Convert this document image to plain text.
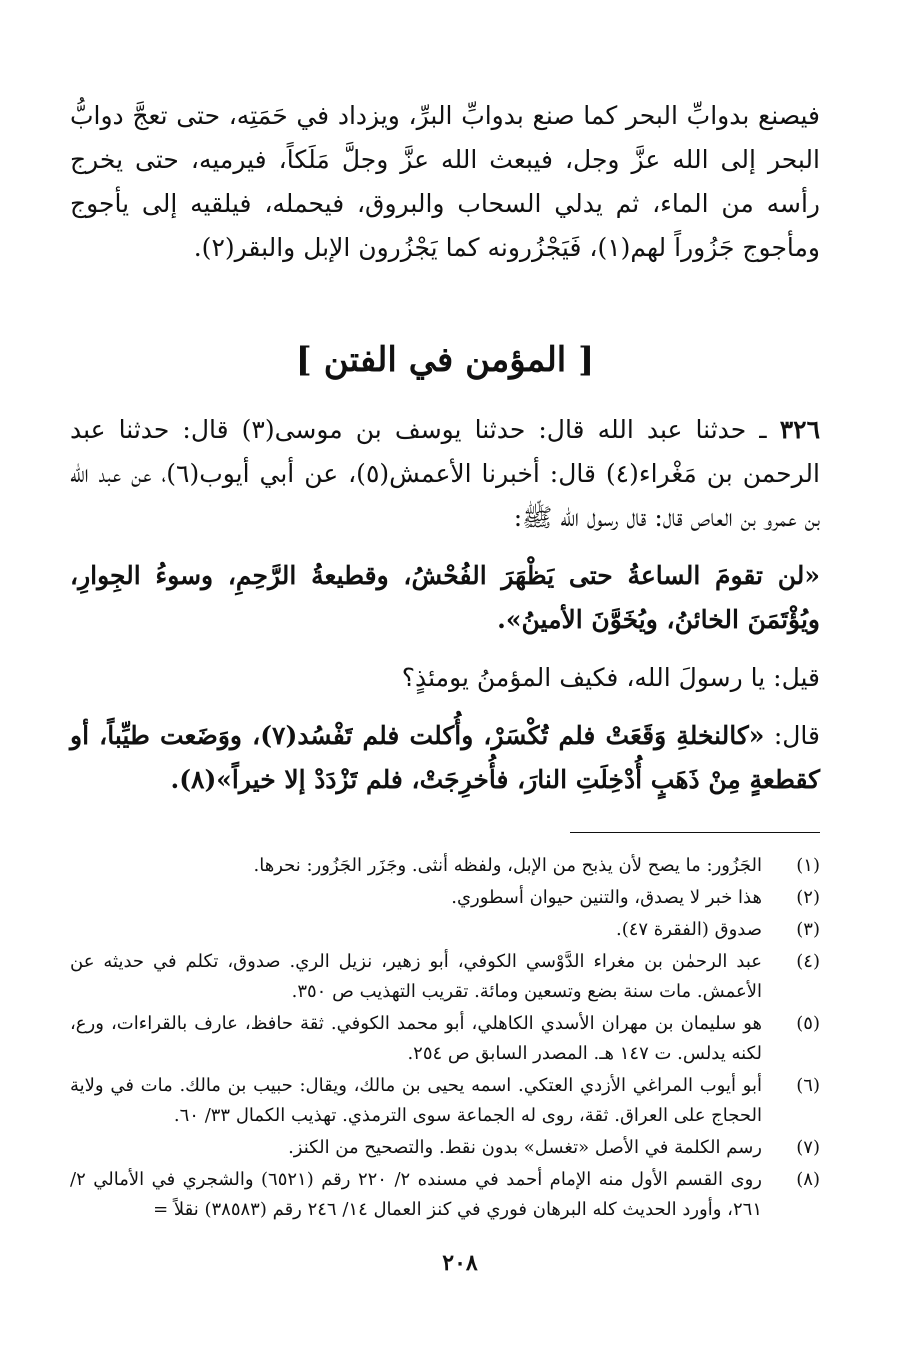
فيصنع بدوابِّ البحر كما صنع بدوابِّ البرِّ، ويزداد في حَمَتِه، حتى تعجَّ دوابُّ البحر إلى الله عزَّ وجل، فيبعث الله عزَّ وجلَّ مَلَكاً، فيرميه، حتى يخرج رأسه من الماء، ثم يدلي السحاب والبروق، فيحمله، فيلقيه إلى يأجوج ومأجوج جَزُوراً لهم(١)، فَيَجْزُرونه كما يَجْزُرون الإبل والبقر(٢).

[ المؤمن في الفتن ]

٣٢٦ ـ حدثنا عبد الله قال: حدثنا يوسف بن موسى(٣) قال: حدثنا عبد الرحمن بن مَغْراء(٤) قال: أخبرنا الأعمش(٥)، عن أبي أيوب(٦)، عن عبد الله بن عمرو بن العاص قال: قال رسول الله ﷺ:

«لن تقومَ الساعةُ حتى يَظْهَرَ الفُحْشُ، وقطيعةُ الرَّحِمِ، وسوءُ الجِوارِ، ويُؤْتَمَنَ الخائنُ، ويُخَوَّنَ الأمينُ».

قيل: يا رسولَ الله، فكيف المؤمنُ يومئذٍ؟

قال: «كالنخلةِ وَقَعَتْ فلم تُكْسَرْ، وأُكلت فلم تَفْسُد(٧)، ووَضَعت طيِّباً، أو كقطعةٍ مِنْ ذَهَبٍ أُدْخِلَتِ النارَ، فأُخرِجَتْ، فلم تَزْدَدْ إلا خيراً»(٨).

(١)
الجَزُور: ما يصح لأن يذبح من الإبل، ولفظه أنثى. وجَزَر الجَزُور: نحرها.
(٢)
هذا خبر لا يصدق، والتنين حيوان أسطوري.
(٣)
صدوق (الفقرة ٤٧).
(٤)
عبد الرحمٰن بن مغراء الدَّوْسي الكوفي، أبو زهير، نزيل الري. صدوق، تكلم في حديثه عن الأعمش. مات سنة بضع وتسعين ومائة. تقريب التهذيب ص ٣٥٠.
(٥)
هو سليمان بن مهران الأسدي الكاهلي، أبو محمد الكوفي. ثقة حافظ، عارف بالقراءات، ورع، لكنه يدلس. ت ١٤٧ هـ. المصدر السابق ص ٢٥٤.
(٦)
أبو أيوب المراغي الأزدي العتكي. اسمه يحيى بن مالك، ويقال: حبيب بن مالك. مات في ولاية الحجاج على العراق. ثقة، روى له الجماعة سوى الترمذي. تهذيب الكمال ٣٣/ ٦٠.
(٧)
رسم الكلمة في الأصل «تغسل» بدون نقط. والتصحيح من الكنز.
(٨)
روى القسم الأول منه الإمام أحمد في مسنده ٢/ ٢٢٠ رقم (٦٥٢١) والشجري في الأمالي ٢/ ٢٦١، وأورد الحديث كله البرهان فوري في كنز العمال ١٤/ ٢٤٦ رقم (٣٨٥٨٣) نقلاً =
٢٠٨
